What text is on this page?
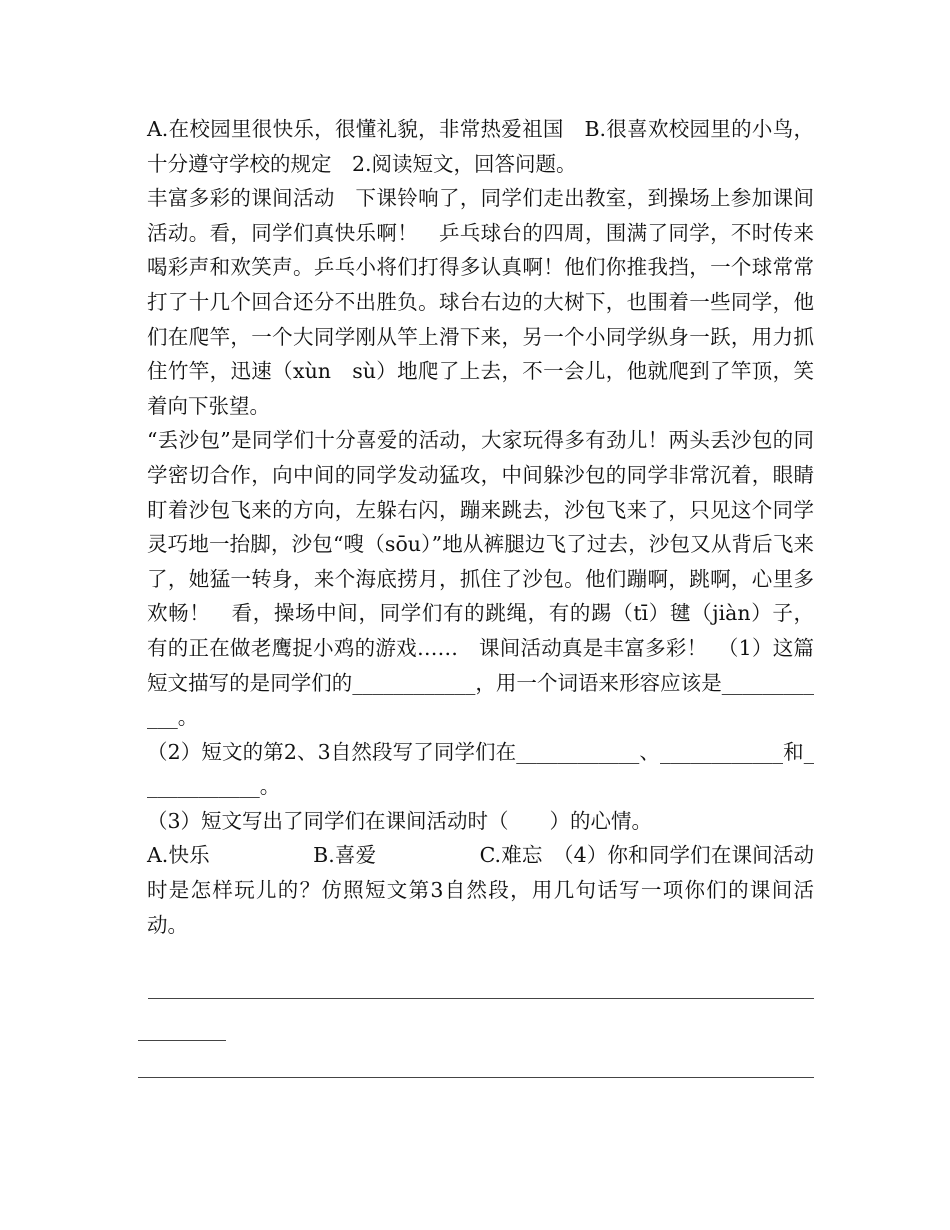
A.在校园里很快乐，很懂礼貌，非常热爱祖国　B.很喜欢校园里的小鸟，十分遵守学校的规定　2.阅读短文，回答问题。

丰富多彩的课间活动　下课铃响了，同学们走出教室，到操场上参加课间活动。看，同学们真快乐啊！　乒乓球台的四周，围满了同学，不时传来喝彩声和欢笑声。乒乓小将们打得多认真啊！他们你推我挡，一个球常常打了十几个回合还分不出胜负。球台右边的大树下，也围着一些同学，他们在爬竿，一个大同学刚从竿上滑下来，另一个小同学纵身一跃，用力抓住竹竿，迅速（xùn　sù）地爬了上去，不一会儿，他就爬到了竿顶，笑着向下张望。

“丢沙包”是同学们十分喜爱的活动，大家玩得多有劲儿！两头丢沙包的同学密切合作，向中间的同学发动猛攻，中间躲沙包的同学非常沉着，眼睛盯着沙包飞来的方向，左躲右闪，蹦来跳去，沙包飞来了，只见这个同学灵巧地一抬脚，沙包“嗖（sōu）”地从裤腿边飞了过去，沙包又从背后飞来了，她猛一转身，来个海底捞月，抓住了沙包。他们蹦啊，跳啊，心里多欢畅！　看，操场中间，同学们有的跳绳，有的踢（tī）毽（jiàn）子，有的正在做老鹰捉小鸡的游戏……　课间活动真是丰富多彩！　（1）这篇短文描写的是同学们的____________，用一个词语来形容应该是____________。

（2）短文的第2、3自然段写了同学们在____________、____________和____________。

（3）短文写出了同学们在课间活动时（　　）的心情。

A.快乐　　　　　B.喜爱　　　　　C.难忘　（4）你和同学们在课间活动时是怎样玩儿的？仿照短文第3自然段，用几句话写一项你们的课间活动。
